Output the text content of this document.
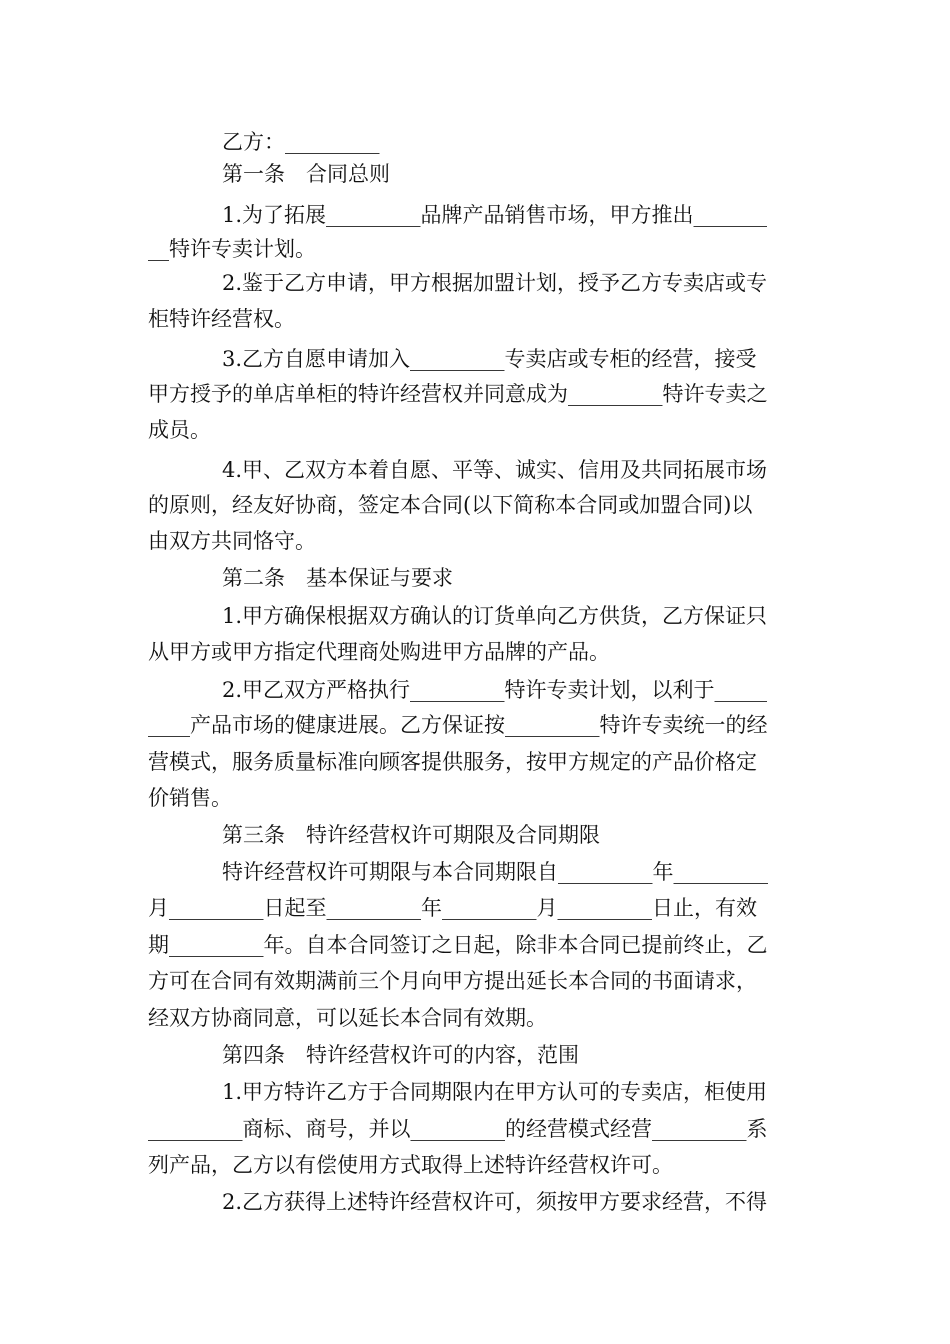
乙方：_________
第一条　合同总则
1.为了拓展_________品牌产品销售市场，甲方推出_______
__特许专卖计划。
2.鉴于乙方申请，甲方根据加盟计划，授予乙方专卖店或专
柜特许经营权。
3.乙方自愿申请加入_________专卖店或专柜的经营，接受
甲方授予的单店单柜的特许经营权并同意成为_________特许专卖之
成员。
4.甲、乙双方本着自愿、平等、诚实、信用及共同拓展市场
的原则，经友好协商，签定本合同(以下简称本合同或加盟合同)以
由双方共同恪守。
第二条　基本保证与要求
1.甲方确保根据双方确认的订货单向乙方供货，乙方保证只
从甲方或甲方指定代理商处购进甲方品牌的产品。
2.甲乙双方严格执行_________特许专卖计划，以利于_____
____产品市场的健康进展。乙方保证按_________特许专卖统一的经
营模式，服务质量标准向顾客提供服务，按甲方规定的产品价格定
价销售。
第三条　特许经营权许可期限及合同期限
特许经营权许可期限与本合同期限自_________年_________
月_________日起至_________年_________月_________日止，有效
期_________年。自本合同签订之日起，除非本合同已提前终止，乙
方可在合同有效期满前三个月向甲方提出延长本合同的书面请求，
经双方协商同意，可以延长本合同有效期。
第四条　特许经营权许可的内容，范围
1.甲方特许乙方于合同期限内在甲方认可的专卖店，柜使用
_________商标、商号，并以_________的经营模式经营_________系
列产品，乙方以有偿使用方式取得上述特许经营权许可。
2.乙方获得上述特许经营权许可，须按甲方要求经营，不得
